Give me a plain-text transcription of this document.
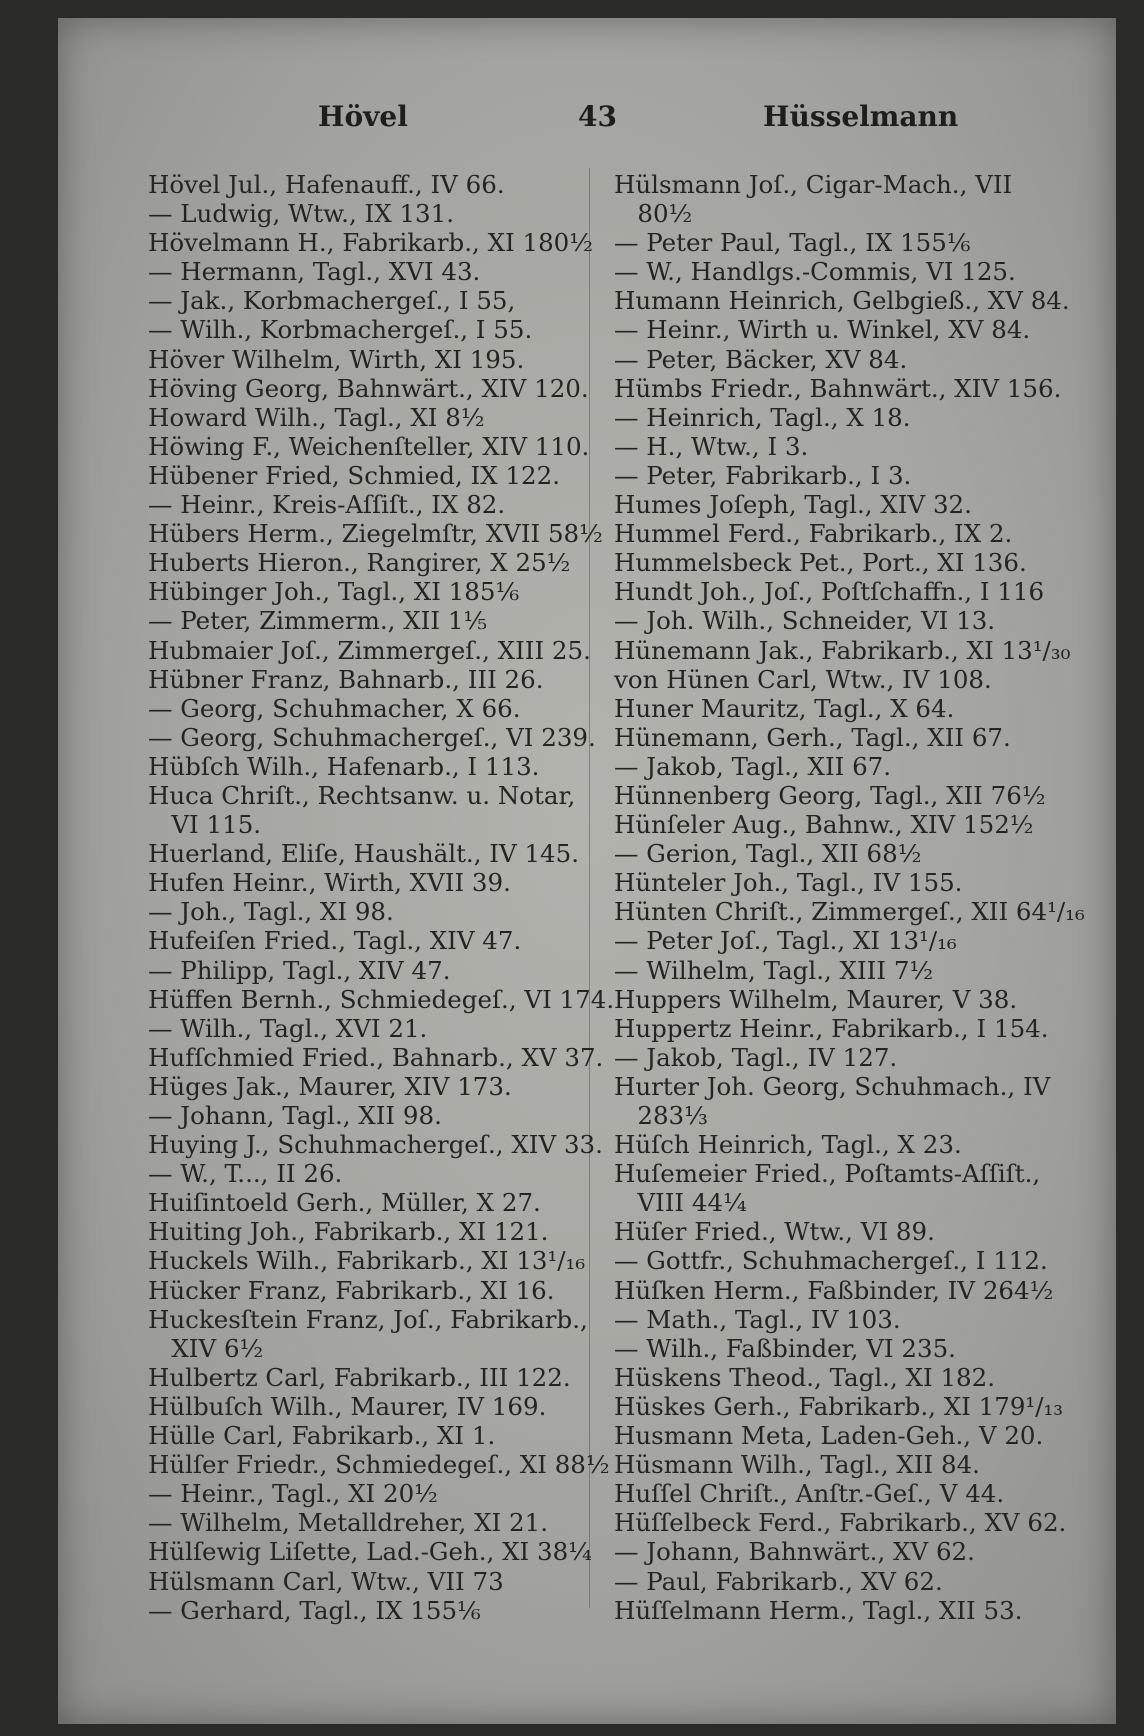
Hövel	43	Hüsselmann
Hövel Jul., Hafenauff., IV 66.
— Ludwig, Wtw., IX 131.
Hövelmann H., Fabrikarb., XI 180½
— Hermann, Tagl., XVI 43.
— Jak., Korbmachergeſ., I 55,
— Wilh., Korbmachergeſ., I 55.
Höver Wilhelm, Wirth, XI 195.
Höving Georg, Bahnwärt., XIV 120.
Howard Wilh., Tagl., XI 8½
Höwing F., Weichenſteller, XIV 110.
Hübener Fried, Schmied, IX 122.
— Heinr., Kreis-Aſſiſt., IX 82.
Hübers Herm., Ziegelmſtr, XVII 58½
Huberts Hieron., Rangirer, X 25½
Hübinger Joh., Tagl., XI 185⅙
— Peter, Zimmerm., XII 1⅕
Hubmaier Joſ., Zimmergeſ., XIII 25.
Hübner Franz, Bahnarb., III 26.
— Georg, Schuhmacher, X 66.
— Georg, Schuhmachergeſ., VI 239.
Hübſch Wilh., Hafenarb., I 113.
Huca Chriſt., Rechtsanw. u. Notar,
VI 115.
Huerland, Eliſe, Haushält., IV 145.
Hufen Heinr., Wirth, XVII 39.
— Joh., Tagl., XI 98.
Hufeiſen Fried., Tagl., XIV 47.
— Philipp, Tagl., XIV 47.
Hüffen Bernh., Schmiedegeſ., VI 174.
— Wilh., Tagl., XVI 21.
Hufſchmied Fried., Bahnarb., XV 37.
Hüges Jak., Maurer, XIV 173.
— Johann, Tagl., XII 98.
Huying J., Schuhmachergeſ., XIV 33.
— W., T..., II 26.
Huiſintoeld Gerh., Müller, X 27.
Huiting Joh., Fabrikarb., XI 121.
Huckels Wilh., Fabrikarb., XI 13¹/₁₆
Hücker Franz, Fabrikarb., XI 16.
Huckesſtein Franz, Joſ., Fabrikarb.,
XIV 6½
Hulbertz Carl, Fabrikarb., III 122.
Hülbuſch Wilh., Maurer, IV 169.
Hülle Carl, Fabrikarb., XI 1.
Hülſer Friedr., Schmiedegeſ., XI 88½
— Heinr., Tagl., XI 20½
— Wilhelm, Metalldreher, XI 21.
Hülſewig Liſette, Lad.-Geh., XI 38¼
Hülsmann Carl, Wtw., VII 73
— Gerhard, Tagl., IX 155⅙
Hülsmann Joſ., Cigar-Mach., VII
80½
— Peter Paul, Tagl., IX 155⅙
— W., Handlgs.-Commis, VI 125.
Humann Heinrich, Gelbgieß., XV 84.
— Heinr., Wirth u. Winkel, XV 84.
— Peter, Bäcker, XV 84.
Hümbs Friedr., Bahnwärt., XIV 156.
— Heinrich, Tagl., X 18.
— H., Wtw., I 3.
— Peter, Fabrikarb., I 3.
Humes Joſeph, Tagl., XIV 32.
Hummel Ferd., Fabrikarb., IX 2.
Hummelsbeck Pet., Port., XI 136.
Hundt Joh., Joſ., Poſtſchaffn., I 116
— Joh. Wilh., Schneider, VI 13.
Hünemann Jak., Fabrikarb., XI 13¹/₃₀
von Hünen Carl, Wtw., IV 108.
Huner Mauritz, Tagl., X 64.
Hünemann, Gerh., Tagl., XII 67.
— Jakob, Tagl., XII 67.
Hünnenberg Georg, Tagl., XII 76½
Hünſeler Aug., Bahnw., XIV 152½
— Gerion, Tagl., XII 68½
Hünteler Joh., Tagl., IV 155.
Hünten Chriſt., Zimmergeſ., XII 64¹/₁₆
— Peter Joſ., Tagl., XI 13¹/₁₆
— Wilhelm, Tagl., XIII 7½
Huppers Wilhelm, Maurer, V 38.
Huppertz Heinr., Fabrikarb., I 154.
— Jakob, Tagl., IV 127.
Hurter Joh. Georg, Schuhmach., IV
283⅓
Hüſch Heinrich, Tagl., X 23.
Huſemeier Fried., Poſtamts-Aſſiſt.,
VIII 44¼
Hüſer Fried., Wtw., VI 89.
— Gottfr., Schuhmachergeſ., I 112.
Hüſken Herm., Faßbinder, IV 264½
— Math., Tagl., IV 103.
— Wilh., Faßbinder, VI 235.
Hüskens Theod., Tagl., XI 182.
Hüskes Gerh., Fabrikarb., XI 179¹/₁₃
Husmann Meta, Laden-Geh., V 20.
Hüsmann Wilh., Tagl., XII 84.
Huſſel Chriſt., Anſtr.-Geſ., V 44.
Hüſſelbeck Ferd., Fabrikarb., XV 62.
— Johann, Bahnwärt., XV 62.
— Paul, Fabrikarb., XV 62.
Hüſſelmann Herm., Tagl., XII 53.
